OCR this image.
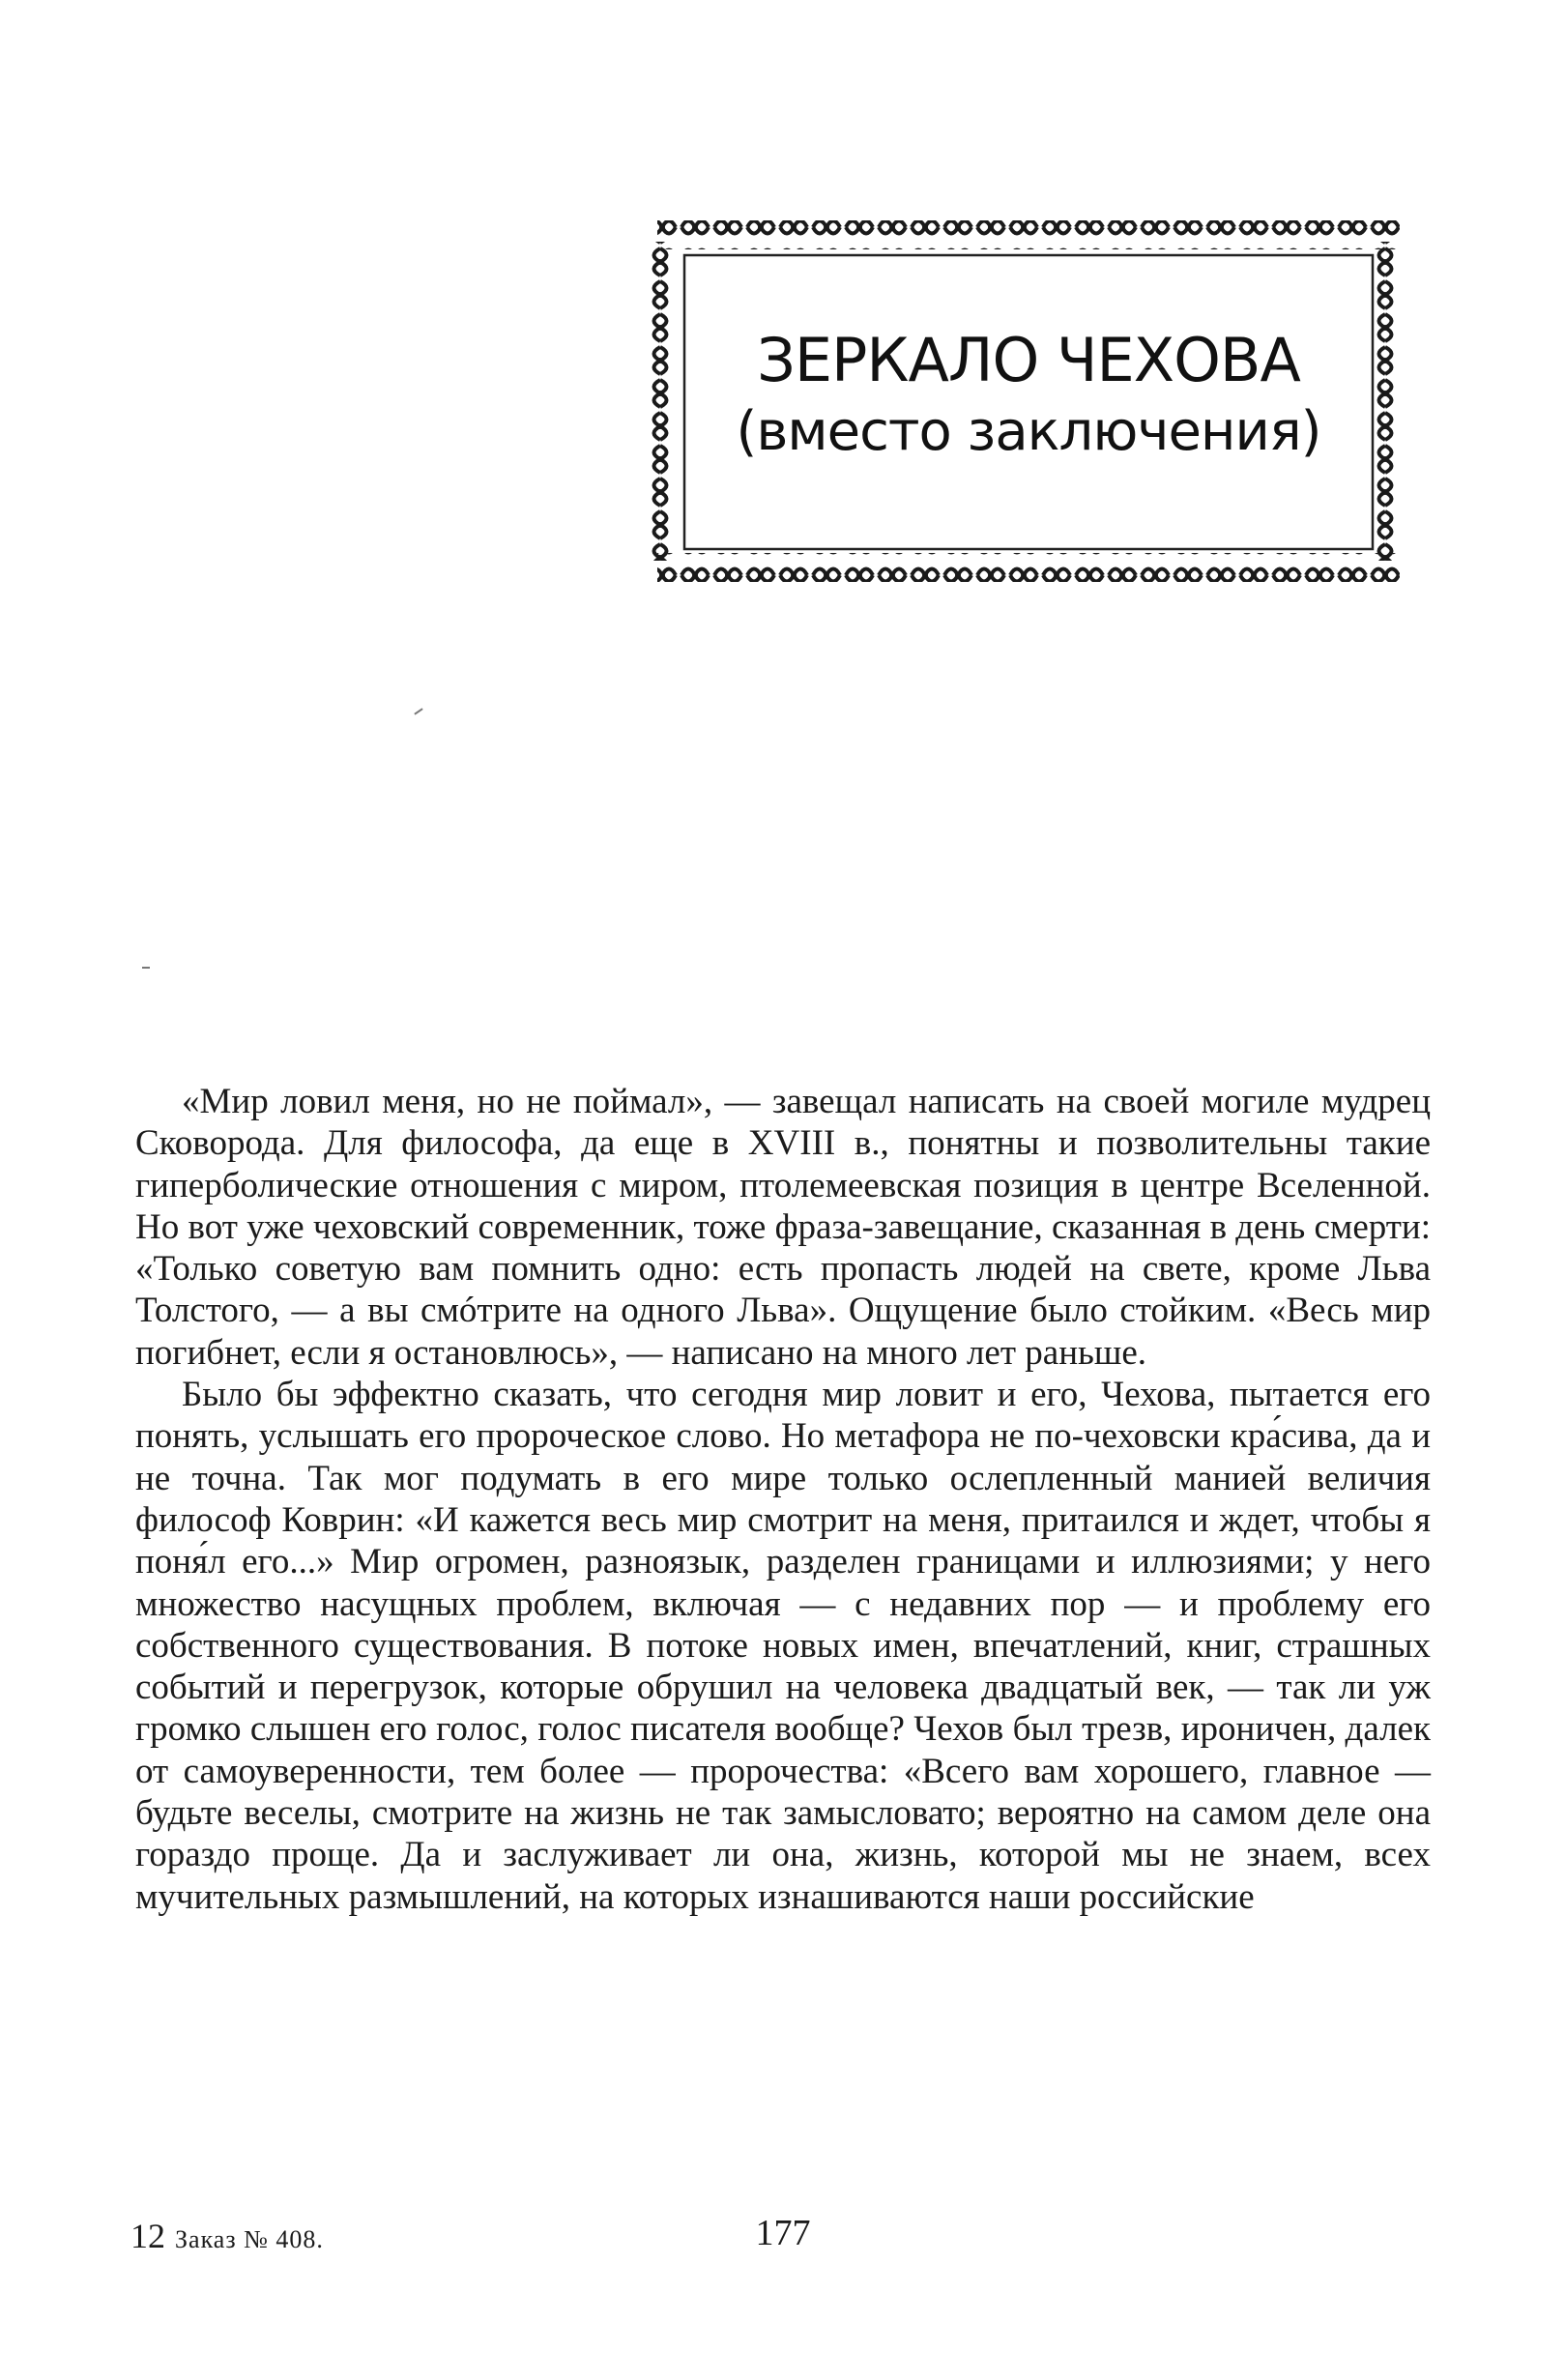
ЗЕРКАЛО ЧЕХОВА
(вместо заключения)

«Мир ловил меня, но не поймал», — завещал написать на своей могиле мудрец Сковорода. Для философа, да еще в XVIII в., понятны и позволительны такие гиперболические отношения с миром, птолемеевская позиция в центре Вселенной. Но вот уже чеховский современник, тоже фраза-завещание, сказанная в день смерти: «Только советую вам помнить одно: есть пропасть людей на свете, кроме Льва Толстого, — а вы смóтрите на одного Льва». Ощущение было стойким. «Весь мир погибнет, если я остановлюсь», — написано на много лет раньше.

Было бы эффектно сказать, что сегодня мир ловит и его, Чехова, пытается его понять, услышать его пророческое слово. Но метафора не по-чеховски кра́сива, да и не точна. Так мог подумать в его мире только ослепленный манией величия философ Коврин: «И кажется весь мир смотрит на меня, притаился и ждет, чтобы я поня́л его...» Мир огромен, разноязык, разделен границами и иллюзиями; у него множество насущных проблем, включая — с недавних пор — и проблему его собственного существования. В потоке новых имен, впечатлений, книг, страшных событий и перегрузок, которые обрушил на человека двадцатый век, — так ли уж громко слышен его голос, голос писателя вообще? Чехов был трезв, ироничен, далек от самоуверенности, тем более — пророчества: «Всего вам хорошего, главное — будьте веселы, смотрите на жизнь не так замысловато; вероятно на самом деле она гораздо проще. Да и заслуживает ли она, жизнь, которой мы не знаем, всех мучительных размышлений, на которых изнашиваются наши российские

12 Заказ № 408.	177
